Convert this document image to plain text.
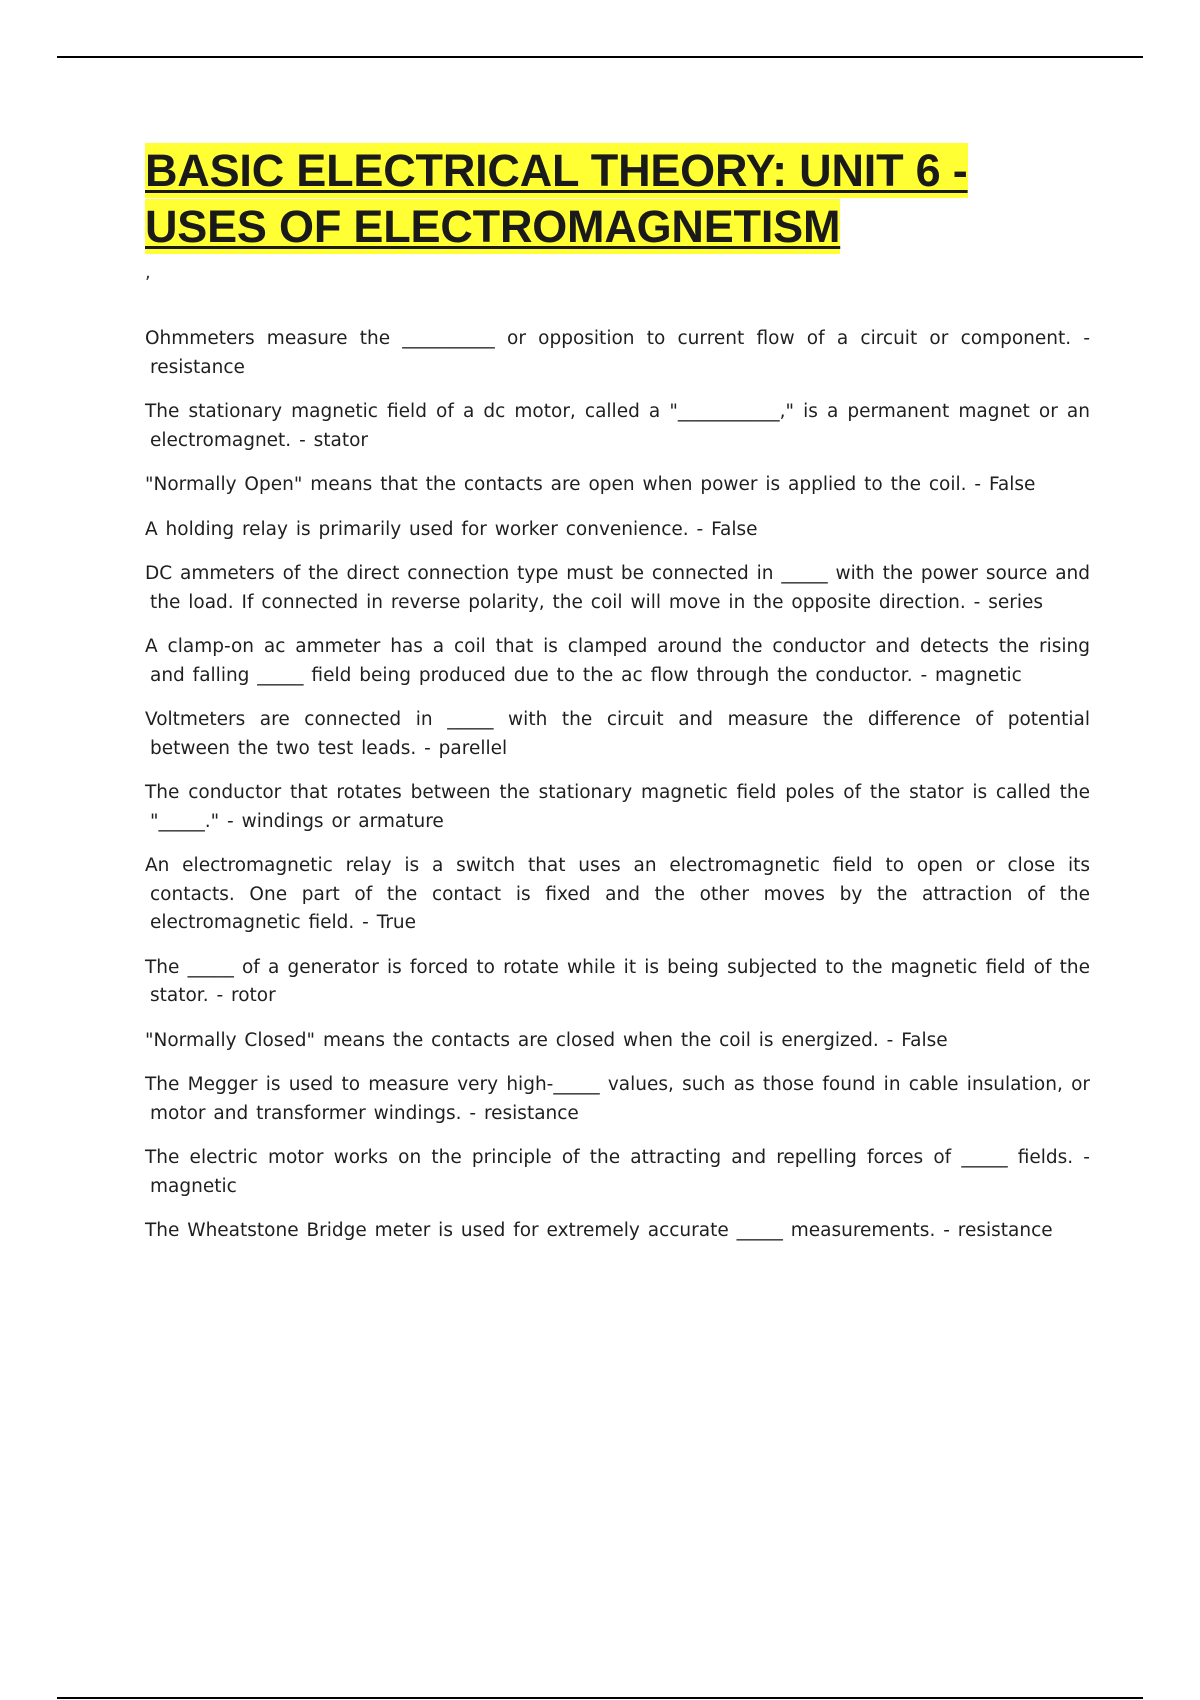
BASIC ELECTRICAL THEORY: UNIT 6 - USES OF ELECTROMAGNETISM
,

Ohmmeters measure the __________ or opposition to current flow of a circuit or component. - resistance

The stationary magnetic field of a dc motor, called a "___________," is a permanent magnet or an electromagnet. - stator

"Normally Open" means that the contacts are open when power is applied to the coil. - False

A holding relay is primarily used for worker convenience. - False

DC ammeters of the direct connection type must be connected in _____ with the power source and the load. If connected in reverse polarity, the coil will move in the opposite direction. - series

A clamp-on ac ammeter has a coil that is clamped around the conductor and detects the rising and falling _____ field being produced due to the ac flow through the conductor. - magnetic

Voltmeters are connected in _____ with the circuit and measure the difference of potential between the two test leads. - parellel

The conductor that rotates between the stationary magnetic field poles of the stator is called the "_____." - windings or armature

An electromagnetic relay is a switch that uses an electromagnetic field to open or close its contacts. One part of the contact is fixed and the other moves by the attraction of the electromagnetic field. - True

The _____ of a generator is forced to rotate while it is being subjected to the magnetic field of the stator. - rotor

"Normally Closed" means the contacts are closed when the coil is energized. - False

The Megger is used to measure very high-_____ values, such as those found in cable insulation, or motor and transformer windings. - resistance

The electric motor works on the principle of the attracting and repelling forces of _____ fields. - magnetic

The Wheatstone Bridge meter is used for extremely accurate _____ measurements. - resistance
